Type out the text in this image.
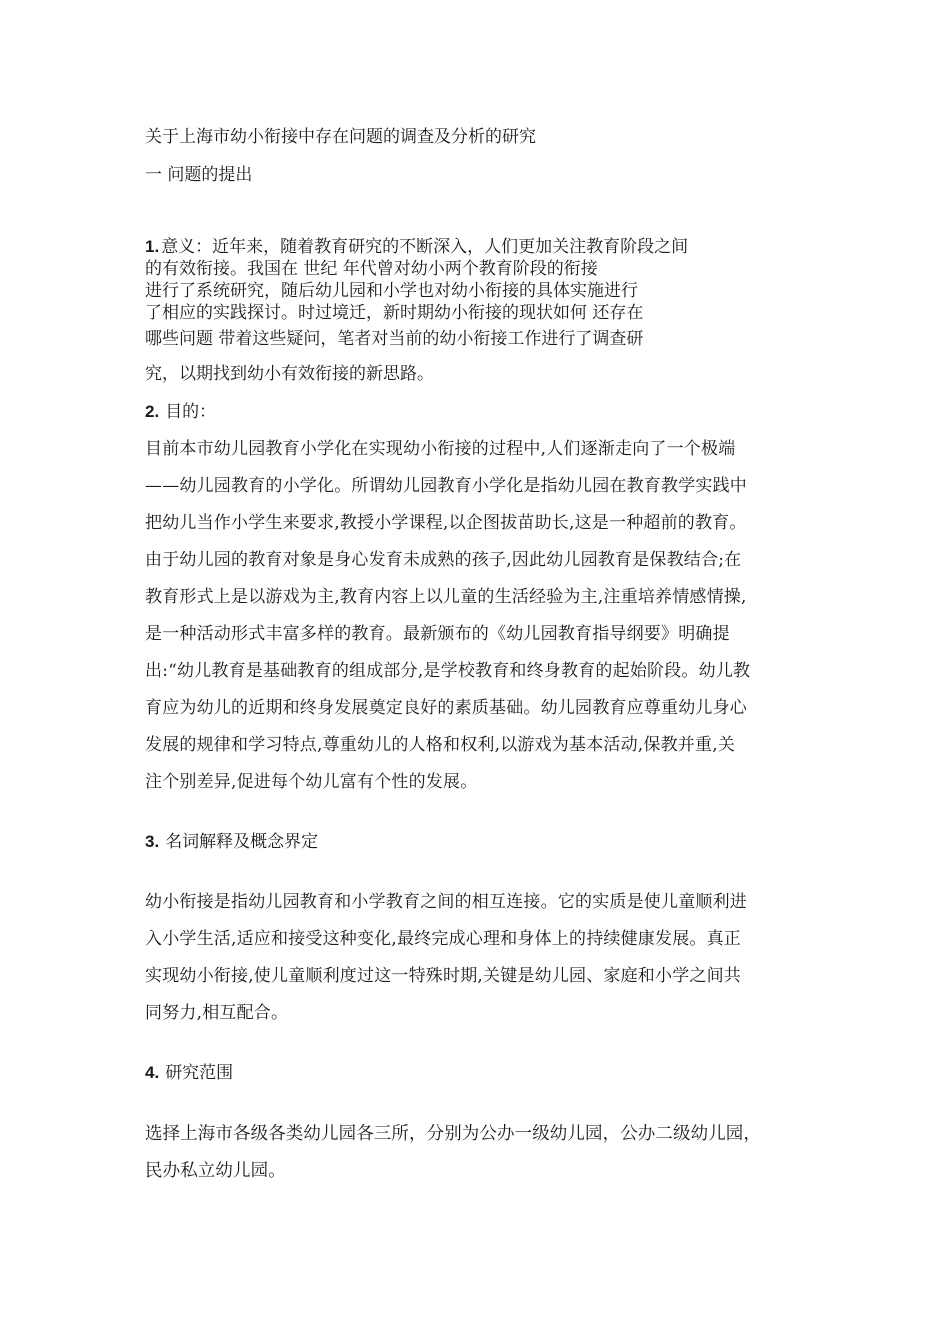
关于上海市幼小衔接中存在问题的调查及分析的研究
一 问题的提出
1. 意义：近年来，随着教育研究的不断深入，人们更加关注教育阶段之间
的有效衔接。我国在 世纪 年代曾对幼小两个教育阶段的衔接
进行了系统研究，随后幼儿园和小学也对幼小衔接的具体实施进行
了相应的实践探讨。时过境迁，新时期幼小衔接的现状如何 还存在
哪些问题 带着这些疑问，笔者对当前的幼小衔接工作进行了调查研
究，以期找到幼小有效衔接的新思路。
2. 目的：
目前本市幼儿园教育小学化在实现幼小衔接的过程中,人们逐渐走向了一个极端
——幼儿园教育的小学化。所谓幼儿园教育小学化是指幼儿园在教育教学实践中
把幼儿当作小学生来要求,教授小学课程,以企图拔苗助长,这是一种超前的教育。
由于幼儿园的教育对象是身心发育未成熟的孩子,因此幼儿园教育是保教结合;在
教育形式上是以游戏为主,教育内容上以儿童的生活经验为主,注重培养情感情操,
是一种活动形式丰富多样的教育。最新颁布的《幼儿园教育指导纲要》明确提
出:“幼儿教育是基础教育的组成部分,是学校教育和终身教育的起始阶段。幼儿教
育应为幼儿的近期和终身发展奠定良好的素质基础。幼儿园教育应尊重幼儿身心
发展的规律和学习特点,尊重幼儿的人格和权利,以游戏为基本活动,保教并重,关
注个别差异,促进每个幼儿富有个性的发展。
3. 名词解释及概念界定
幼小衔接是指幼儿园教育和小学教育之间的相互连接。它的实质是使儿童顺利进
入小学生活,适应和接受这种变化,最终完成心理和身体上的持续健康发展。真正
实现幼小衔接,使儿童顺利度过这一特殊时期,关键是幼儿园、家庭和小学之间共
同努力,相互配合。
4. 研究范围
选择上海市各级各类幼儿园各三所，分别为公办一级幼儿园，公办二级幼儿园，
民办私立幼儿园。
